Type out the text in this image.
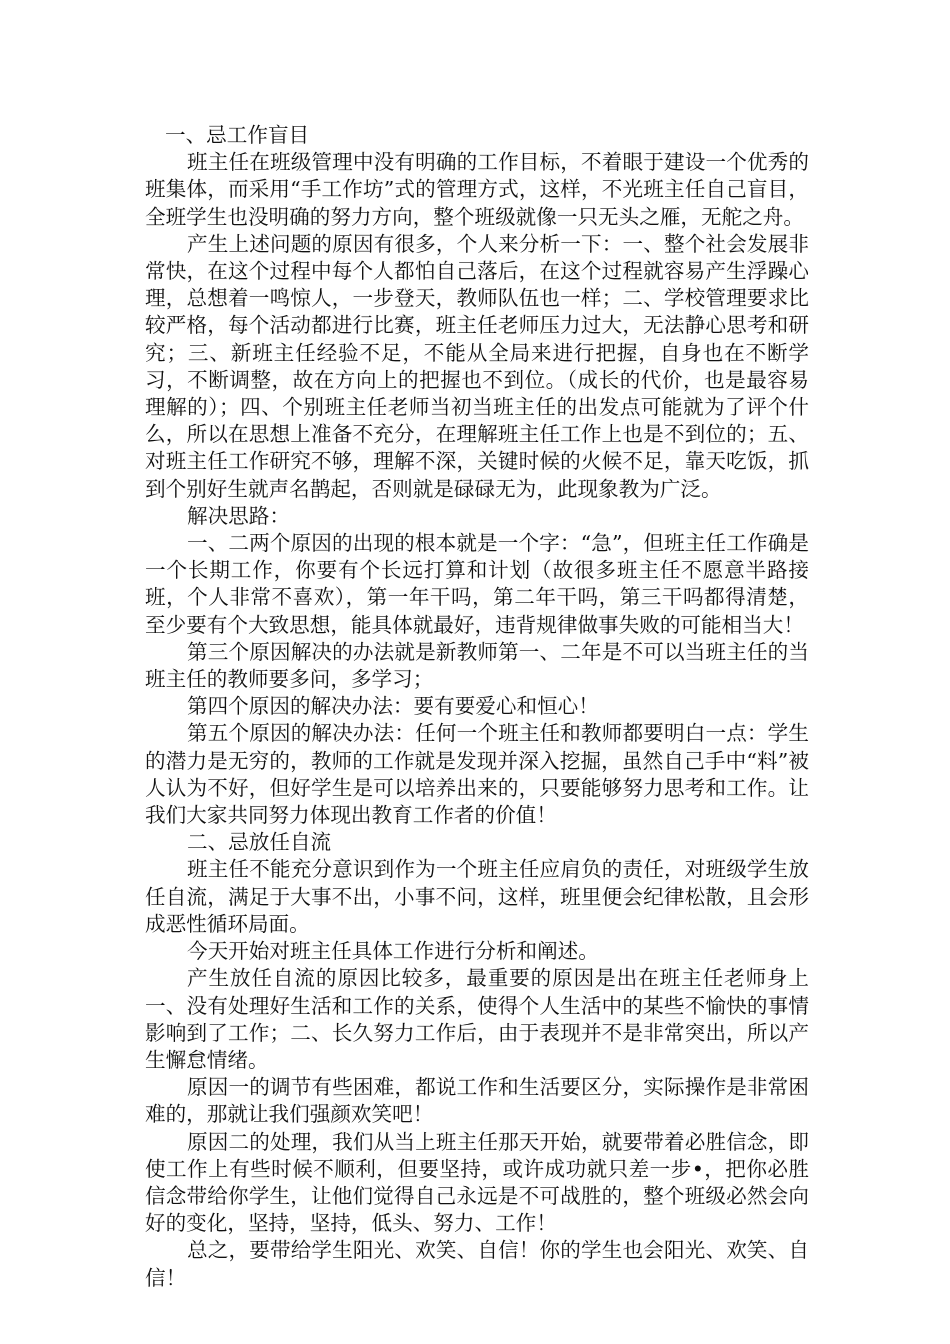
一、忌工作盲目

班主任在班级管理中没有明确的工作目标，不着眼于建设一个优秀的班集体，而采用“手工作坊”式的管理方式，这样，不光班主任自己盲目，全班学生也没明确的努力方向，整个班级就像一只无头之雁，无舵之舟。

产生上述问题的原因有很多，个人来分析一下：一、整个社会发展非常快，在这个过程中每个人都怕自己落后，在这个过程就容易产生浮躁心理，总想着一鸣惊人，一步登天，教师队伍也一样；二、学校管理要求比较严格，每个活动都进行比赛，班主任老师压力过大，无法静心思考和研究；三、新班主任经验不足，不能从全局来进行把握，自身也在不断学习，不断调整，故在方向上的把握也不到位。（成长的代价，也是最容易理解的）；四、个别班主任老师当初当班主任的出发点可能就为了评个什么，所以在思想上准备不充分，在理解班主任工作上也是不到位的；五、对班主任工作研究不够，理解不深，关键时候的火候不足，靠天吃饭，抓到个别好生就声名鹊起，否则就是碌碌无为，此现象教为广泛。

解决思路：

一、二两个原因的出现的根本就是一个字：“急”，但班主任工作确是一个长期工作，你要有个长远打算和计划（故很多班主任不愿意半路接班，个人非常不喜欢），第一年干吗，第二年干吗，第三干吗都得清楚，至少要有个大致思想，能具体就最好，违背规律做事失败的可能相当大！

第三个原因解决的办法就是新教师第一、二年是不可以当班主任的当班主任的教师要多问，多学习；

第四个原因的解决办法：要有要爱心和恒心！

第五个原因的解决办法：任何一个班主任和教师都要明白一点：学生的潜力是无穷的，教师的工作就是发现并深入挖掘，虽然自己手中“料”被人认为不好，但好学生是可以培养出来的，只要能够努力思考和工作。让我们大家共同努力体现出教育工作者的价值！

二、忌放任自流

班主任不能充分意识到作为一个班主任应肩负的责任，对班级学生放任自流，满足于大事不出，小事不问，这样，班里便会纪律松散，且会形成恶性循环局面。

今天开始对班主任具体工作进行分析和阐述。

产生放任自流的原因比较多，最重要的原因是出在班主任老师身上一、没有处理好生活和工作的关系，使得个人生活中的某些不愉快的事情影响到了工作；二、长久努力工作后，由于表现并不是非常突出，所以产生懈怠情绪。

原因一的调节有些困难，都说工作和生活要区分，实际操作是非常困难的，那就让我们强颜欢笑吧！

原因二的处理，我们从当上班主任那天开始，就要带着必胜信念，即使工作上有些时候不顺利，但要坚持，或许成功就只差一步•，把你必胜信念带给你学生，让他们觉得自己永远是不可战胜的，整个班级必然会向好的变化，坚持，坚持，低头、努力、工作！

总之，要带给学生阳光、欢笑、自信！你的学生也会阳光、欢笑、自信！
